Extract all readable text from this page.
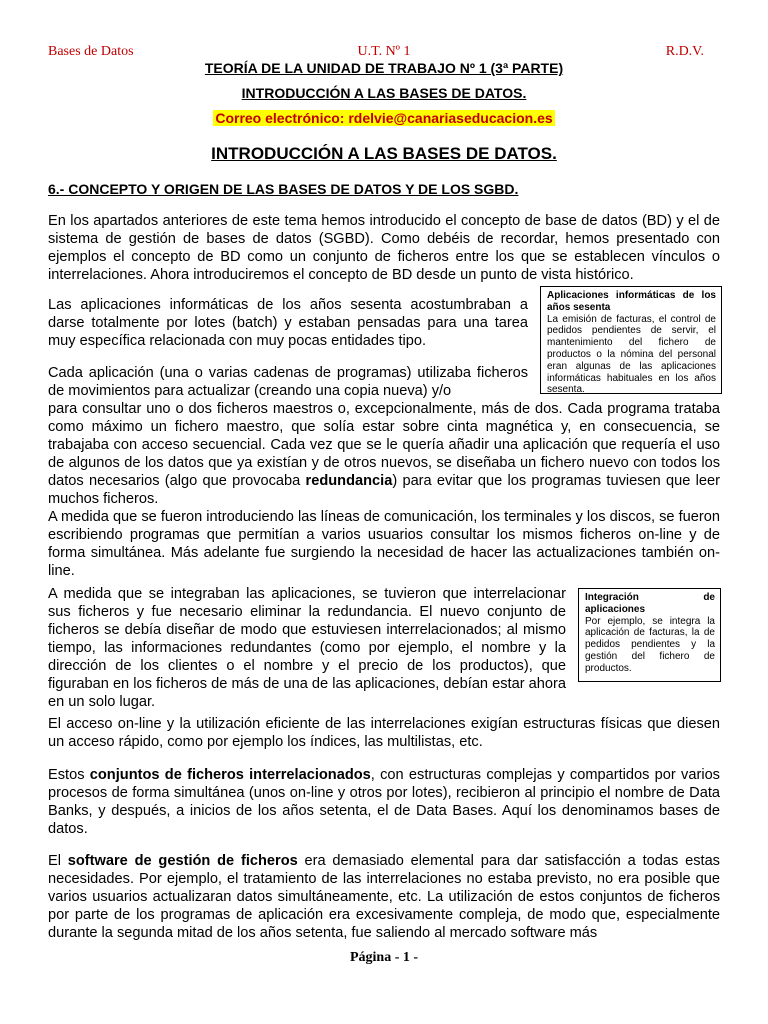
Bases de Datos	U.T. Nº 1	R.D.V.
TEORÍA DE LA UNIDAD DE TRABAJO Nº 1 (3ª PARTE)
INTRODUCCIÓN A LAS BASES DE DATOS.
Correo electrónico: rdelvie@canariaseducacion.es
INTRODUCCIÓN A LAS BASES DE DATOS.
6.- CONCEPTO Y ORIGEN DE LAS BASES DE DATOS Y DE LOS SGBD.
En los apartados anteriores de este tema hemos introducido el concepto de base de datos (BD) y el de sistema de gestión de bases de datos (SGBD). Como debéis de recordar, hemos presentado con ejemplos el concepto de BD como un conjunto de ficheros entre los que se establecen vínculos o interrelaciones. Ahora introduciremos el concepto de BD desde un punto de vista histórico.
Las aplicaciones informáticas de los años sesenta acostumbraban a darse totalmente por lotes (batch) y estaban pensadas para una tarea muy específica relacionada con muy pocas entidades tipo.
Aplicaciones informáticas de los años sesenta
La emisión de facturas, el control de pedidos pendientes de servir, el mantenimiento del fichero de productos o la nómina del personal eran algunas de las aplicaciones informáticas habituales en los años sesenta.
Cada aplicación (una o varias cadenas de programas) utilizaba ficheros de movimientos para actualizar (creando una copia nueva) y/o
para consultar uno o dos ficheros maestros o, excepcionalmente, más de dos. Cada programa trataba como máximo un fichero maestro, que solía estar sobre cinta magnética y, en consecuencia, se trabajaba con acceso secuencial. Cada vez que se le quería añadir una aplicación que requería el uso de algunos de los datos que ya existían y de otros nuevos, se diseñaba un fichero nuevo con todos los datos necesarios (algo que provocaba redundancia) para evitar que los programas tuviesen que leer muchos ficheros.
A medida que se fueron introduciendo las líneas de comunicación, los terminales y los discos, se fueron escribiendo programas que permitían a varios usuarios consultar los mismos ficheros on-line y de forma simultánea. Más adelante fue surgiendo la necesidad de hacer las actualizaciones también on-line.
A medida que se integraban las aplicaciones, se tuvieron que interrelacionar sus ficheros y fue necesario eliminar la redundancia. El nuevo conjunto de ficheros se debía diseñar de modo que estuviesen interrelacionados; al mismo tiempo, las informaciones redundantes (como por ejemplo, el nombre y la dirección de los clientes o el nombre y el precio de los productos), que figuraban en los ficheros de más de una de las aplicaciones, debían estar ahora en un solo lugar.
Integración de aplicaciones
Por ejemplo, se integra la aplicación de facturas, la de pedidos pendientes y la gestión del fichero de productos.
El acceso on-line y la utilización eficiente de las interrelaciones exigían estructuras físicas que diesen un acceso rápido, como por ejemplo los índices, las multilistas, etc.
Estos conjuntos de ficheros interrelacionados, con estructuras complejas y compartidos por varios procesos de forma simultánea (unos on-line y otros por lotes), recibieron al principio el nombre de Data Banks, y después, a inicios de los años setenta, el de Data Bases. Aquí los denominamos bases de datos.
El software de gestión de ficheros era demasiado elemental para dar satisfacción a todas estas necesidades. Por ejemplo, el tratamiento de las interrelaciones no estaba previsto, no era posible que varios usuarios actualizaran datos simultáneamente, etc. La utilización de estos conjuntos de ficheros por parte de los programas de aplicación era excesivamente compleja, de modo que, especialmente durante la segunda mitad de los años setenta, fue saliendo al mercado software más
Página - 1 -
